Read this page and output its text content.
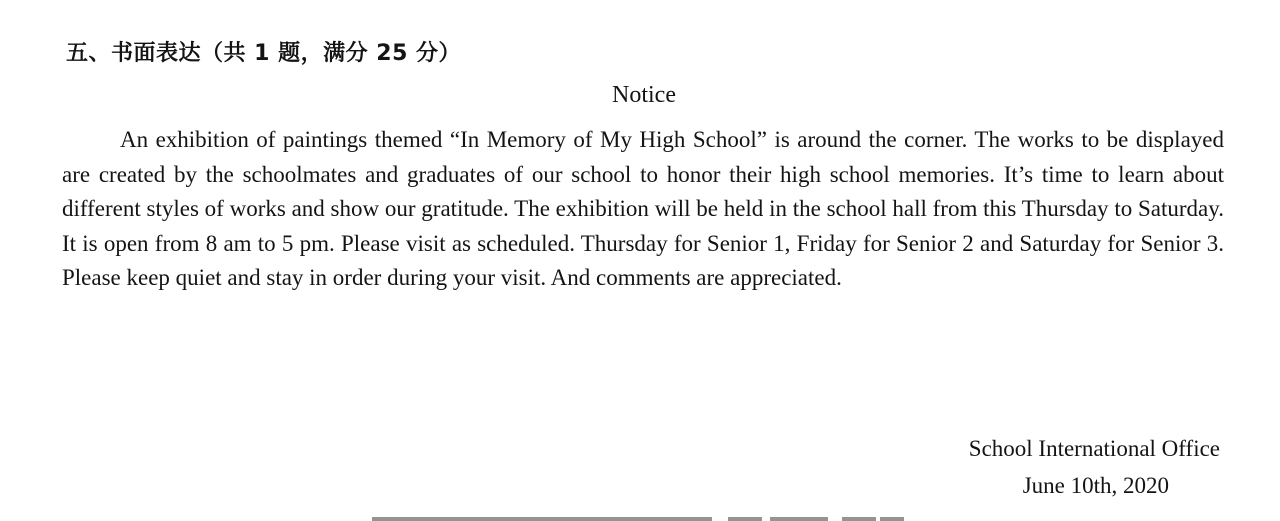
五、书面表达（共 1 题，满分 25 分）
Notice

An exhibition of paintings themed “In Memory of My High School” is around the corner. The works to be displayed are created by the schoolmates and graduates of our school to honor their high school memories. It’s time to learn about different styles of works and show our gratitude. The exhibition will be held in the school hall from this Thursday to Saturday. It is open from 8 am to 5 pm. Please visit as scheduled. Thursday for Senior 1, Friday for Senior 2 and Saturday for Senior 3. Please keep quiet and stay in order during your visit. And comments are appreciated.

School International Office
June 10th, 2020
